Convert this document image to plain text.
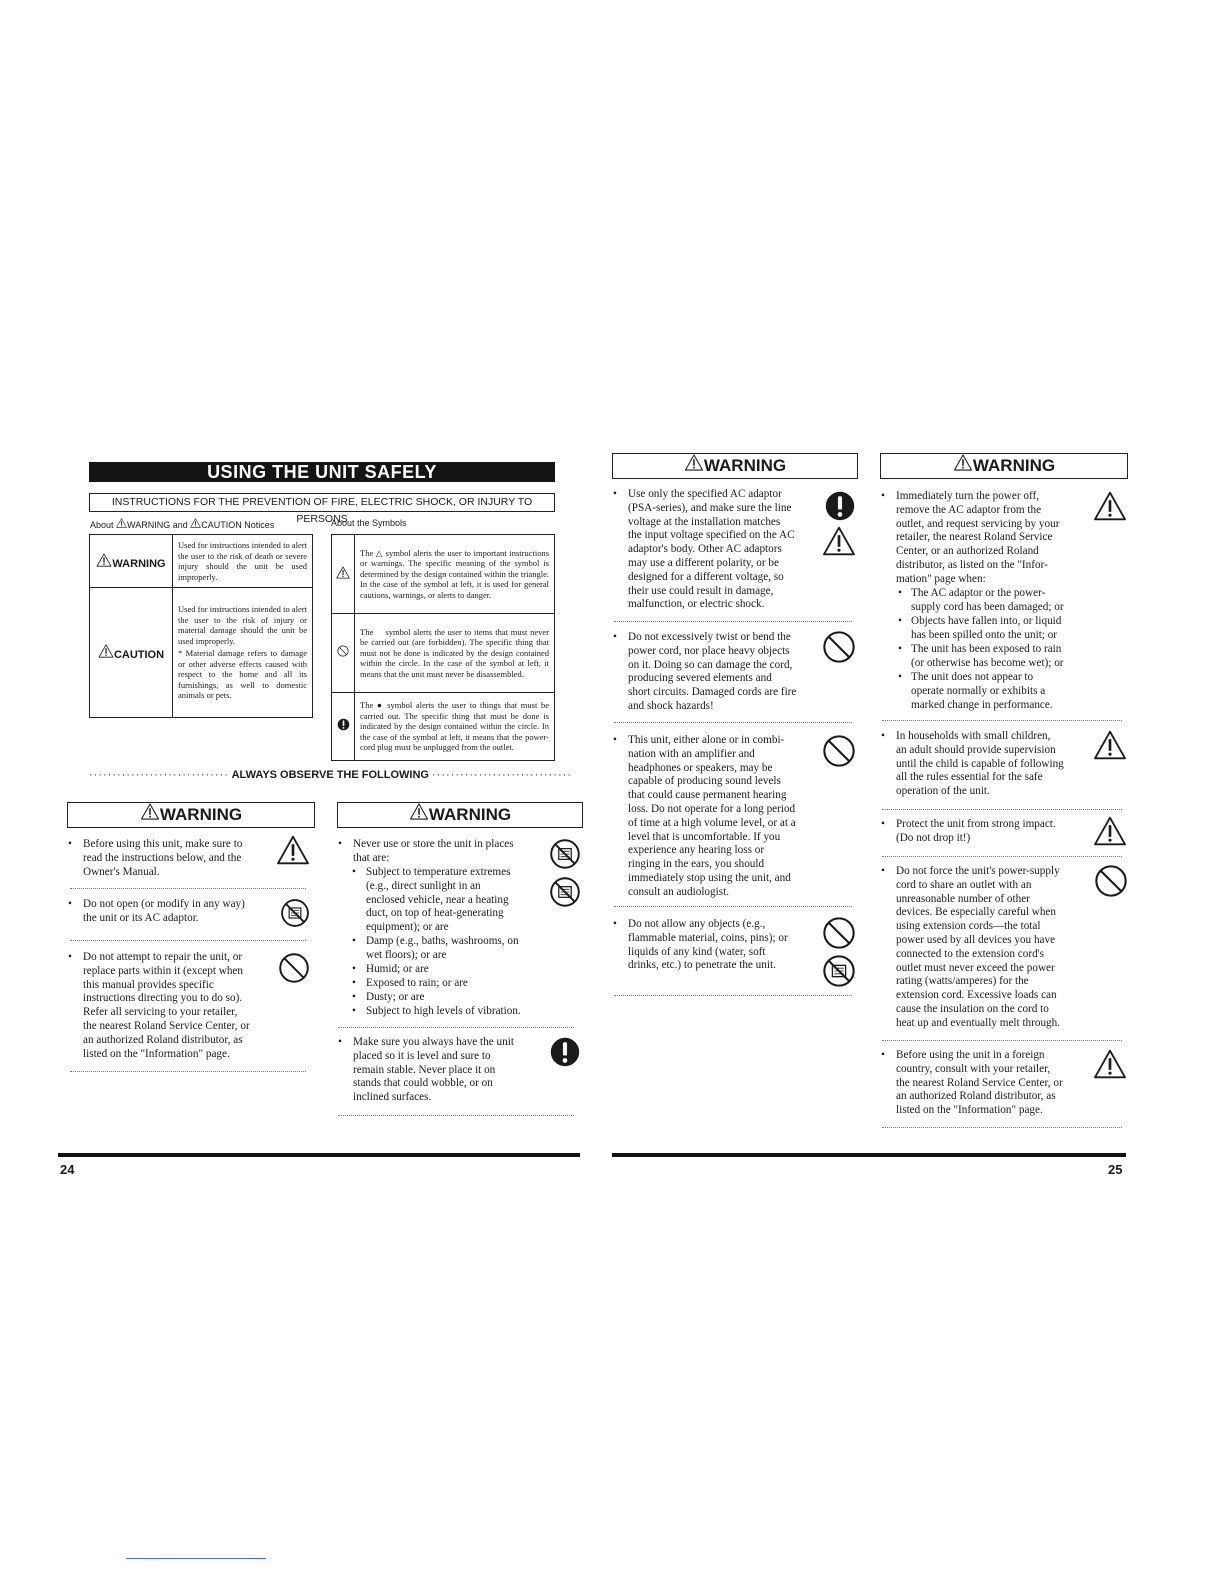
USING THE UNIT SAFELY
INSTRUCTIONS FOR THE PREVENTION OF FIRE, ELECTRIC SHOCK, OR INJURY TO PERSONS
About WARNING and CAUTION Notices	About the Symbols
WARNING	Used for instructions intended to alert the user to the risk of death or severe injury should the unit be used improperly.
CAUTION	Used for instructions intended to alert the user to the risk of injury or material damage should the unit be used improperly.
* Material damage refers to damage or other adverse effects caused with respect to the home and all its furnishings, as well to domestic animals or pets.
	The △ symbol alerts the user to important instructions or warnings. The specific meaning of the symbol is determined by the design contained within the triangle. In the case of the symbol at left, it is used for general cautions, warnings, or alerts to danger.
	The ⃠ symbol alerts the user to items that must never be carried out (are forbidden). The specific thing that must not be done is indicated by the design contained within the circle. In the case of the symbol at left, it means that the unit must never be disassembled.
	The ● symbol alerts the user to things that must be carried out. The specific thing that must be done is indicated by the design contained within the circle. In the case of the symbol at left, it means that the power-cord plug must be unplugged from the outlet.
······························ ALWAYS OBSERVE THE FOLLOWING ······························
WARNING
• Before using this unit, make sure to
read the instructions below, and the
Owner's Manual.
• Do not open (or modify in any way)
the unit or its AC adaptor.
• Do not attempt to repair the unit, or
replace parts within it (except when
this manual provides specific
instructions directing you to do so).
Refer all servicing to your retailer,
the nearest Roland Service Center, or
an authorized Roland distributor, as
listed on the "Information" page.
WARNING
• Never use or store the unit in places
that are:
• Subject to temperature extremes
(e.g., direct sunlight in an
enclosed vehicle, near a heating
duct, on top of heat-generating
equipment); or are
• Damp (e.g., baths, washrooms, on
wet floors); or are
• Humid; or are
• Exposed to rain; or are
• Dusty; or are
• Subject to high levels of vibration.
• Make sure you always have the unit
placed so it is level and sure to
remain stable. Never place it on
stands that could wobble, or on
inclined surfaces.
24
WARNING
• Use only the specified AC adaptor
(PSA-series), and make sure the line
voltage at the installation matches
the input voltage specified on the AC
adaptor's body. Other AC adaptors
may use a different polarity, or be
designed for a different voltage, so
their use could result in damage,
malfunction, or electric shock.
• Do not excessively twist or bend the
power cord, nor place heavy objects
on it. Doing so can damage the cord,
producing severed elements and
short circuits. Damaged cords are fire
and shock hazards!
• This unit, either alone or in combi-
nation with an amplifier and
headphones or speakers, may be
capable of producing sound levels
that could cause permanent hearing
loss. Do not operate for a long period
of time at a high volume level, or at a
level that is uncomfortable. If you
experience any hearing loss or
ringing in the ears, you should
immediately stop using the unit, and
consult an audiologist.
• Do not allow any objects (e.g.,
flammable material, coins, pins); or
liquids of any kind (water, soft
drinks, etc.) to penetrate the unit.
WARNING
• Immediately turn the power off,
remove the AC adaptor from the
outlet, and request servicing by your
retailer, the nearest Roland Service
Center, or an authorized Roland
distributor, as listed on the "Infor-
mation" page when:
• The AC adaptor or the power-
supply cord has been damaged; or
• Objects have fallen into, or liquid
has been spilled onto the unit; or
• The unit has been exposed to rain
(or otherwise has become wet); or
• The unit does not appear to
operate normally or exhibits a
marked change in performance.
• In households with small children,
an adult should provide supervision
until the child is capable of following
all the rules essential for the safe
operation of the unit.
• Protect the unit from strong impact.
(Do not drop it!)
• Do not force the unit's power-supply
cord to share an outlet with an
unreasonable number of other
devices. Be especially careful when
using extension cords—the total
power used by all devices you have
connected to the extension cord's
outlet must never exceed the power
rating (watts/amperes) for the
extension cord. Excessive loads can
cause the insulation on the cord to
heat up and eventually melt through.
• Before using the unit in a foreign
country, consult with your retailer,
the nearest Roland Service Center, or
an authorized Roland distributor, as
listed on the "Information" page.
25
